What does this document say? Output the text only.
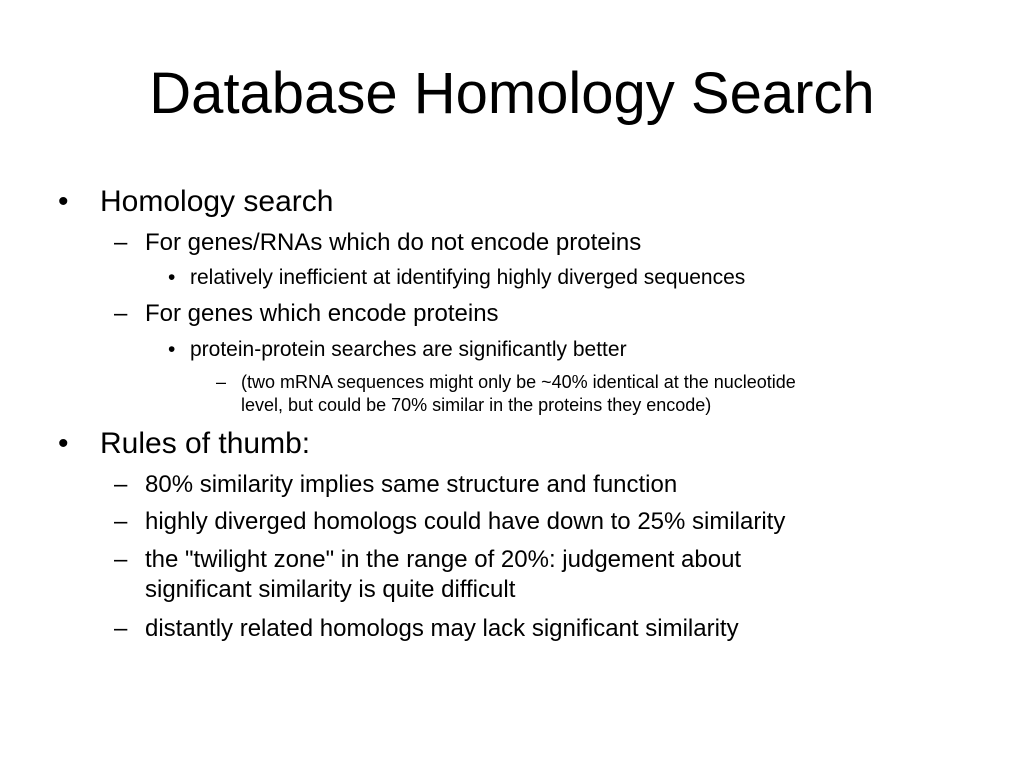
Database Homology Search
• Homology search
– For genes/RNAs which do not encode proteins
• relatively inefficient at identifying highly diverged sequences
– For genes which encode proteins
• protein-protein searches are significantly better
– (two mRNA sequences might only be ~40% identical at the nucleotide
level, but could be 70% similar in the proteins they encode)
• Rules of thumb:
– 80% similarity implies same structure and function
– highly diverged homologs could have down to 25% similarity
– the "twilight zone" in the range of 20%: judgement about
significant similarity is quite difficult
– distantly related homologs may lack significant similarity
